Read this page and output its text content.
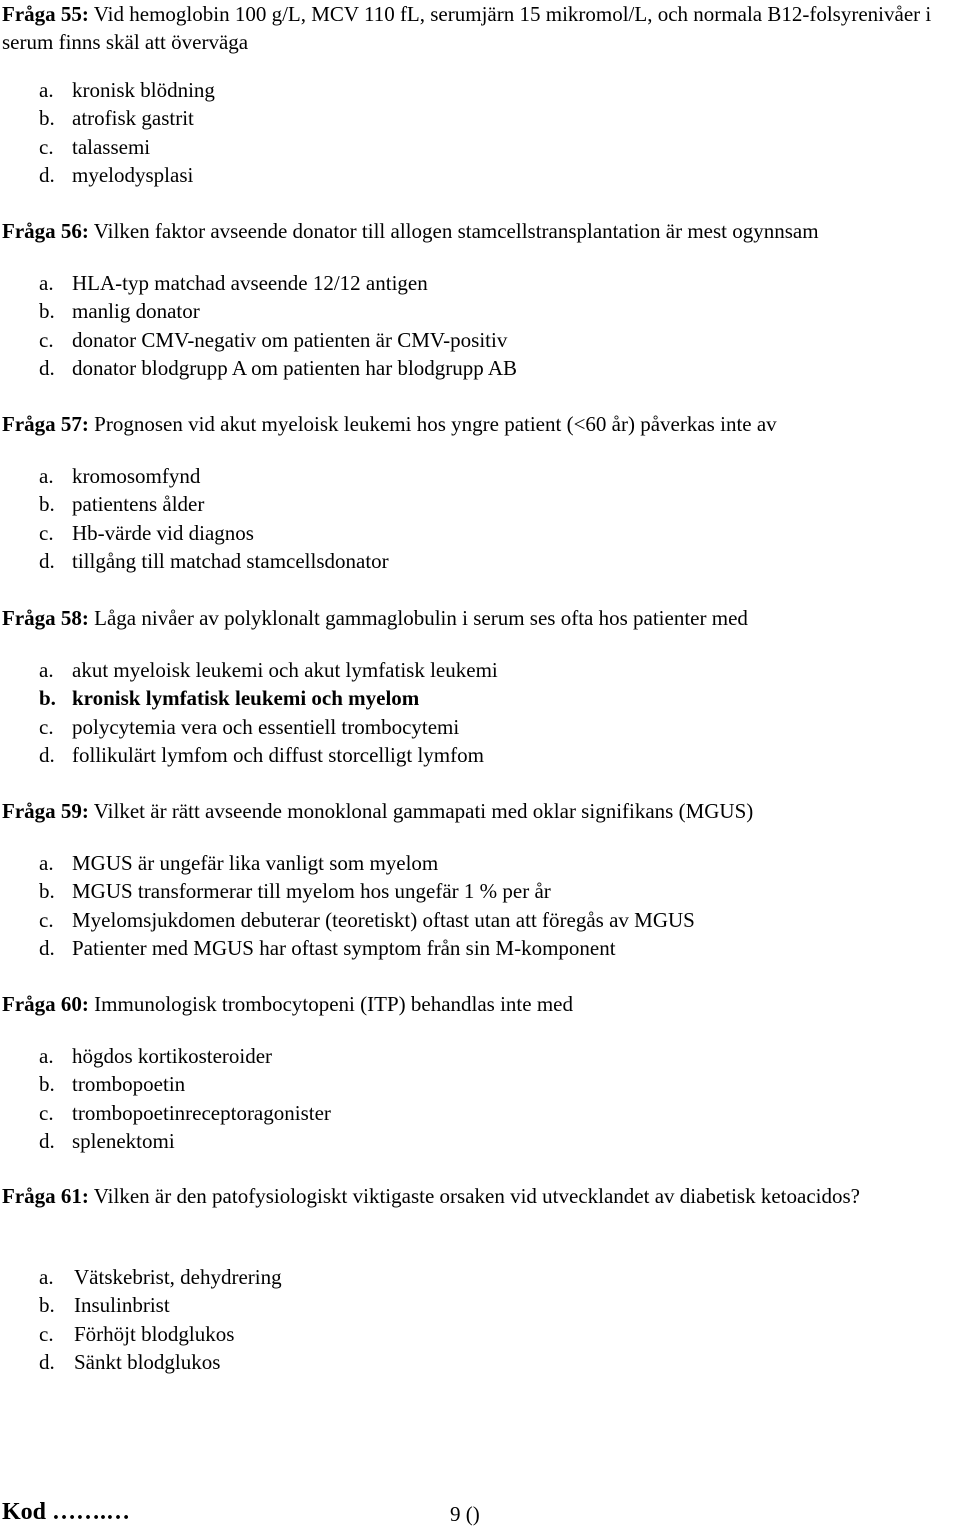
Fråga 55: Vid hemoglobin 100 g/L, MCV 110 fL, serumjärn 15 mikromol/L, och normala B12-folsyrenivåer i serum finns skäl att överväga
a. kronisk blödning
b. atrofisk gastrit
c. talassemi
d. myelodysplasi
Fråga 56: Vilken faktor avseende donator till allogen stamcellstransplantation är mest ogynnsam
a. HLA-typ matchad avseende 12/12 antigen
b. manlig donator
c. donator CMV-negativ om patienten är CMV-positiv
d. donator blodgrupp A om patienten har blodgrupp AB
Fråga 57: Prognosen vid akut myeloisk leukemi hos yngre patient (<60 år) påverkas inte av
a. kromosomfynd
b. patientens ålder
c. Hb-värde vid diagnos
d. tillgång till matchad stamcellsdonator
Fråga 58: Låga nivåer av polyklonalt gammaglobulin i serum ses ofta hos patienter med
a. akut myeloisk leukemi och akut lymfatisk leukemi
b. kronisk lymfatisk leukemi och myelom
c. polycytemia vera och essentiell trombocytemi
d. follikulärt lymfom och diffust storcelligt lymfom
Fråga 59: Vilket är rätt avseende monoklonal gammapati med oklar signifikans (MGUS)
a. MGUS är ungefär lika vanligt som myelom
b. MGUS transformerar till myelom hos ungefär 1 % per år
c. Myelomsjukdomen debuterar (teoretiskt) oftast utan att föregås av MGUS
d. Patienter med MGUS har oftast symptom från sin M-komponent
Fråga 60: Immunologisk trombocytopeni (ITP) behandlas inte med
a. högdos kortikosteroider
b. trombopoetin
c. trombopoetinreceptoragonister
d. splenektomi
Fråga 61: Vilken är den patofysiologiskt viktigaste orsaken vid utvecklandet av diabetisk ketoacidos?
a. Vätskebrist, dehydrering
b. Insulinbrist
c. Förhöjt blodglukos
d. Sänkt blodglukos
Kod …….…	9 ()
